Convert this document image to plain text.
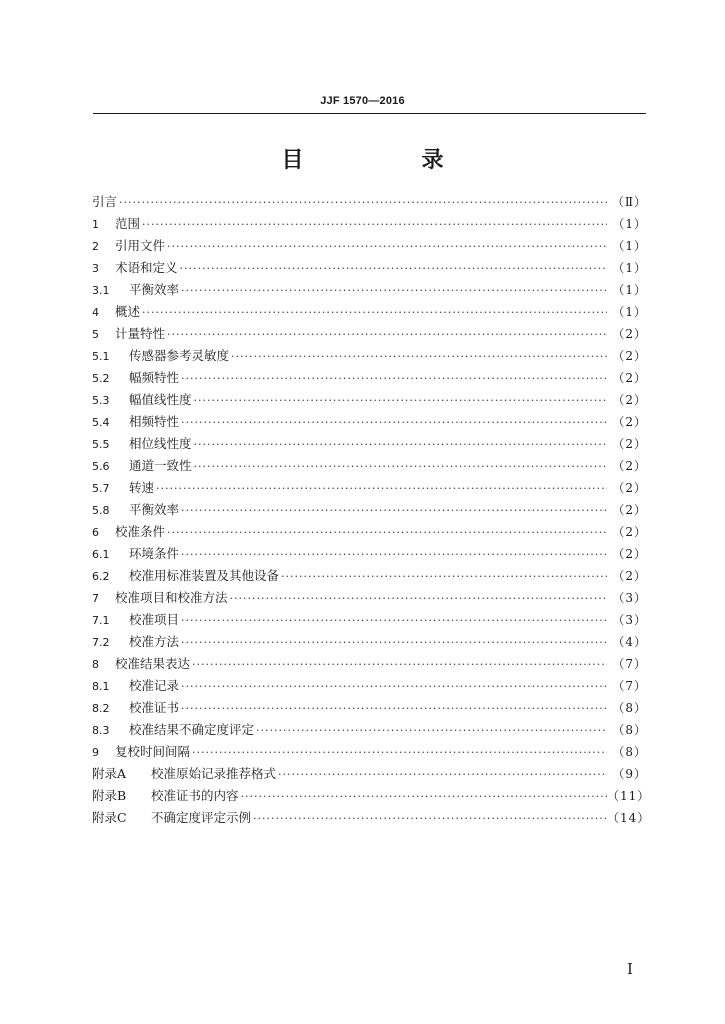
JJF 1570—2016
目　录
引言 ·····	（Ⅱ）
1	范围 ·····	（1）
2	引用文件 ·····	（1）
3	术语和定义 ·····	（1）
3.1	平衡效率 ·····	（1）
4	概述 ·····	（1）
5	计量特性 ·····	（2）
5.1	传感器参考灵敏度 ·····	（2）
5.2	幅频特性 ·····	（2）
5.3	幅值线性度 ·····	（2）
5.4	相频特性 ·····	（2）
5.5	相位线性度 ·····	（2）
5.6	通道一致性 ·····	（2）
5.7	转速 ·····	（2）
5.8	平衡效率 ·····	（2）
6	校准条件 ·····	（2）
6.1	环境条件 ·····	（2）
6.2	校准用标准装置及其他设备 ·····	（2）
7	校准项目和校准方法 ·····	（3）
7.1	校准项目 ·····	（3）
7.2	校准方法 ·····	（4）
8	校准结果表达 ·····	（7）
8.1	校准记录 ·····	（7）
8.2	校准证书 ·····	（8）
8.3	校准结果不确定度评定 ·····	（8）
9	复校时间间隔 ·····	（8）
附录A	校准原始记录推荐格式 ·····	（9）
附录B	校准证书的内容 ·····	（11）
附录C	不确定度评定示例 ·····	（14）
I
